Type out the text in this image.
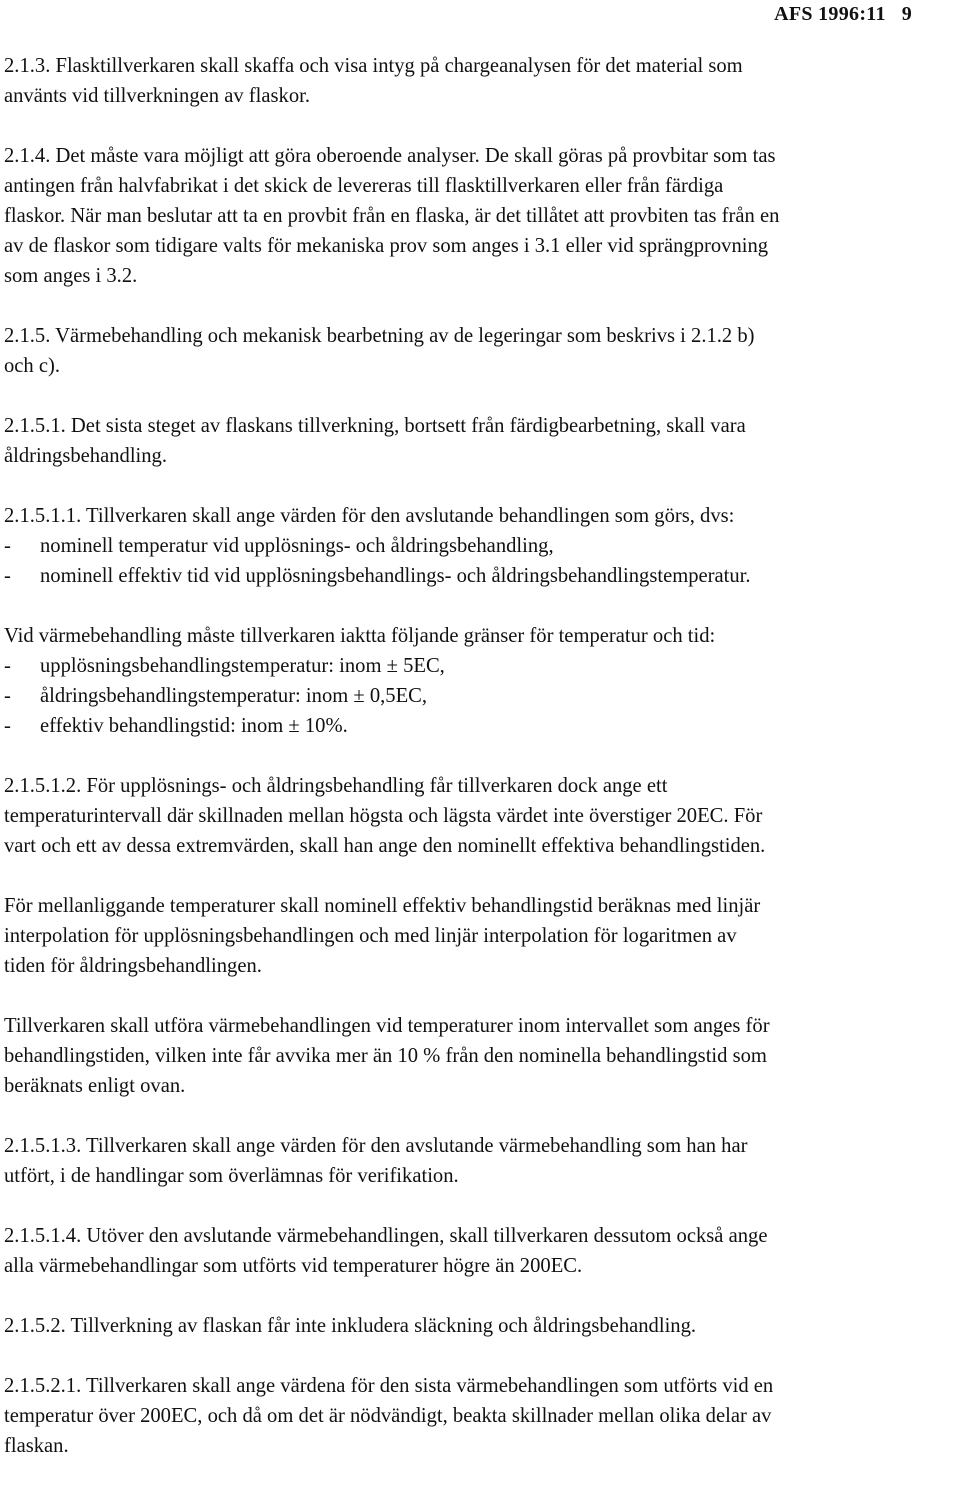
AFS 1996:11 9
2.1.3. Flasktillverkaren skall skaffa och visa intyg på chargeanalysen för det material som
använts vid tillverkningen av flaskor.
2.1.4. Det måste vara möjligt att göra oberoende analyser. De skall göras på provbitar som tas
antingen från halvfabrikat i det skick de levereras till flasktillverkaren eller från färdiga
flaskor. När man beslutar att ta en provbit från en flaska, är det tillåtet att provbiten tas från en
av de flaskor som tidigare valts för mekaniska prov som anges i 3.1 eller vid sprängprovning
som anges i 3.2.
2.1.5. Värmebehandling och mekanisk bearbetning av de legeringar som beskrivs i 2.1.2 b)
och c).
2.1.5.1. Det sista steget av flaskans tillverkning, bortsett från färdigbearbetning, skall vara
åldringsbehandling.
2.1.5.1.1. Tillverkaren skall ange värden för den avslutande behandlingen som görs, dvs:
- nominell temperatur vid upplösnings- och åldringsbehandling,
- nominell effektiv tid vid upplösningsbehandlings- och åldringsbehandlingstemperatur.
Vid värmebehandling måste tillverkaren iaktta följande gränser för temperatur och tid:
- upplösningsbehandlingstemperatur: inom ± 5EC,
- åldringsbehandlingstemperatur: inom ± 0,5EC,
- effektiv behandlingstid: inom ± 10%.
2.1.5.1.2. För upplösnings- och åldringsbehandling får tillverkaren dock ange ett
temperaturintervall där skillnaden mellan högsta och lägsta värdet inte överstiger 20EC. För
vart och ett av dessa extremvärden, skall han ange den nominellt effektiva behandlingstiden.
För mellanliggande temperaturer skall nominell effektiv behandlingstid beräknas med linjär
interpolation för upplösningsbehandlingen och med linjär interpolation för logaritmen av
tiden för åldringsbehandlingen.
Tillverkaren skall utföra värmebehandlingen vid temperaturer inom intervallet som anges för
behandlingstiden, vilken inte får avvika mer än 10 % från den nominella behandlingstid som
beräknats enligt ovan.
2.1.5.1.3. Tillverkaren skall ange värden för den avslutande värmebehandling som han har
utfört, i de handlingar som överlämnas för verifikation.
2.1.5.1.4. Utöver den avslutande värmebehandlingen, skall tillverkaren dessutom också ange
alla värmebehandlingar som utförts vid temperaturer högre än 200EC.
2.1.5.2. Tillverkning av flaskan får inte inkludera släckning och åldringsbehandling.
2.1.5.2.1. Tillverkaren skall ange värdena för den sista värmebehandlingen som utförts vid en
temperatur över 200EC, och då om det är nödvändigt, beakta skillnader mellan olika delar av
flaskan.
